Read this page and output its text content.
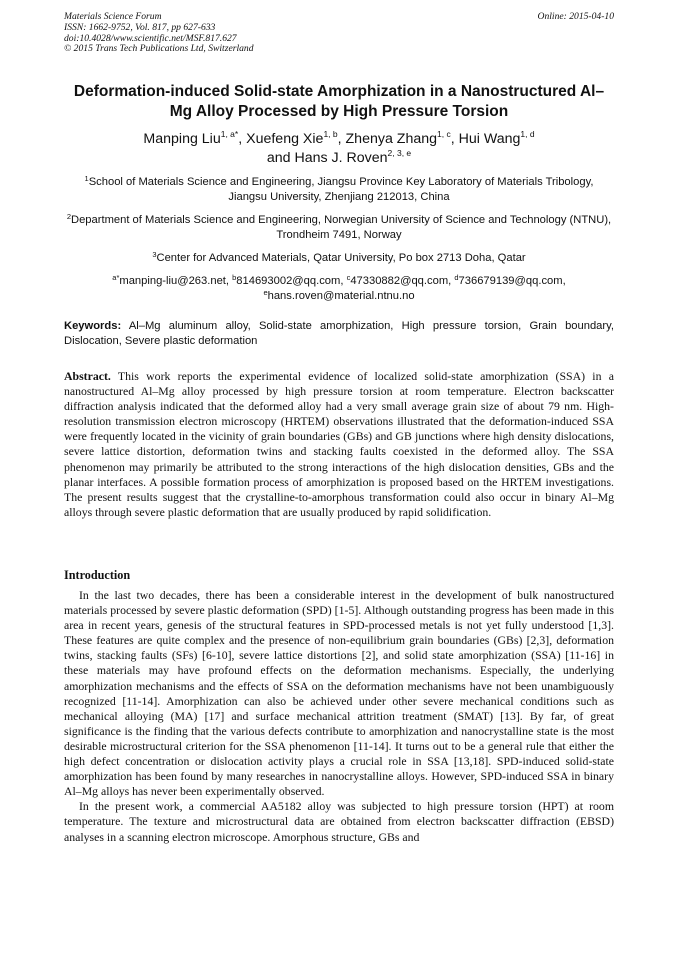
Materials Science Forum
ISSN: 1662-9752, Vol. 817, pp 627-633
doi:10.4028/www.scientific.net/MSF.817.627
© 2015 Trans Tech Publications Ltd, Switzerland
Online: 2015-04-10
Deformation-induced Solid-state Amorphization in a Nanostructured Al–Mg Alloy Processed by High Pressure Torsion
Manping Liu$^{1, a*}$, Xuefeng Xie$^{1, b}$, Zhenya Zhang$^{1, c}$, Hui Wang$^{1, d}$
and Hans J. Roven$^{2, 3, e}$
$^1$School of Materials Science and Engineering, Jiangsu Province Key Laboratory of Materials Tribology, Jiangsu University, Zhenjiang 212013, China
$^2$Department of Materials Science and Engineering, Norwegian University of Science and Technology (NTNU), Trondheim 7491, Norway
$^3$Center for Advanced Materials, Qatar University, Po box 2713 Doha, Qatar
$^{a*}$manping-liu@263.net, $^b$814693002@qq.com, $^c$47330882@qq.com, $^d$736679139@qq.com,
$^e$hans.roven@material.ntnu.no
Keywords: Al–Mg aluminum alloy, Solid-state amorphization, High pressure torsion, Grain boundary, Dislocation, Severe plastic deformation
Abstract. This work reports the experimental evidence of localized solid-state amorphization (SSA) in a nanostructured Al–Mg alloy processed by high pressure torsion at room temperature. Electron backscatter diffraction analysis indicated that the deformed alloy had a very small average grain size of about 79 nm. High-resolution transmission electron microscopy (HRTEM) observations illustrated that the deformation-induced SSA were frequently located in the vicinity of grain boundaries (GBs) and GB junctions where high density dislocations, severe lattice distortion, deformation twins and stacking faults coexisted in the deformed alloy. The SSA phenomenon may primarily be attributed to the strong interactions of the high dislocation densities, GBs and the planar interfaces. A possible formation process of amorphization is proposed based on the HRTEM investigations. The present results suggest that the crystalline-to-amorphous transformation could also occur in binary Al–Mg alloys through severe plastic deformation that are usually produced by rapid solidification.
Introduction

In the last two decades, there has been a considerable interest in the development of bulk nanostructured materials processed by severe plastic deformation (SPD) [1-5]. Although outstanding progress has been made in this area in recent years, genesis of the structural features in SPD-processed metals is not yet fully understood [1,3]. These features are quite complex and the presence of non-equilibrium grain boundaries (GBs) [2,3], deformation twins, stacking faults (SFs) [6-10], severe lattice distortions [2], and solid state amorphization (SSA) [11-16] in these materials may have profound effects on the deformation mechanisms. Especially, the underlying amorphization mechanisms and the effects of SSA on the deformation mechanisms have not been unambiguously recognized [11-14]. Amorphization can also be achieved under other severe mechanical conditions such as mechanical alloying (MA) [17] and surface mechanical attrition treatment (SMAT) [13]. By far, of great significance is the finding that the various defects contribute to amorphization and nanocrystalline state is the most desirable microstructural criterion for the SSA phenomenon [11-14]. It turns out to be a general rule that either the high defect concentration or dislocation activity plays a crucial role in SSA [13,18]. SPD-induced solid-state amorphization has been found by many researches in nanocrystalline alloys. However, SPD-induced SSA in binary Al–Mg alloys has never been experimentally observed.

In the present work, a commercial AA5182 alloy was subjected to high pressure torsion (HPT) at room temperature. The texture and microstructural data are obtained from electron backscatter diffraction (EBSD) analyses in a scanning electron microscope. Amorphous structure, GBs and
